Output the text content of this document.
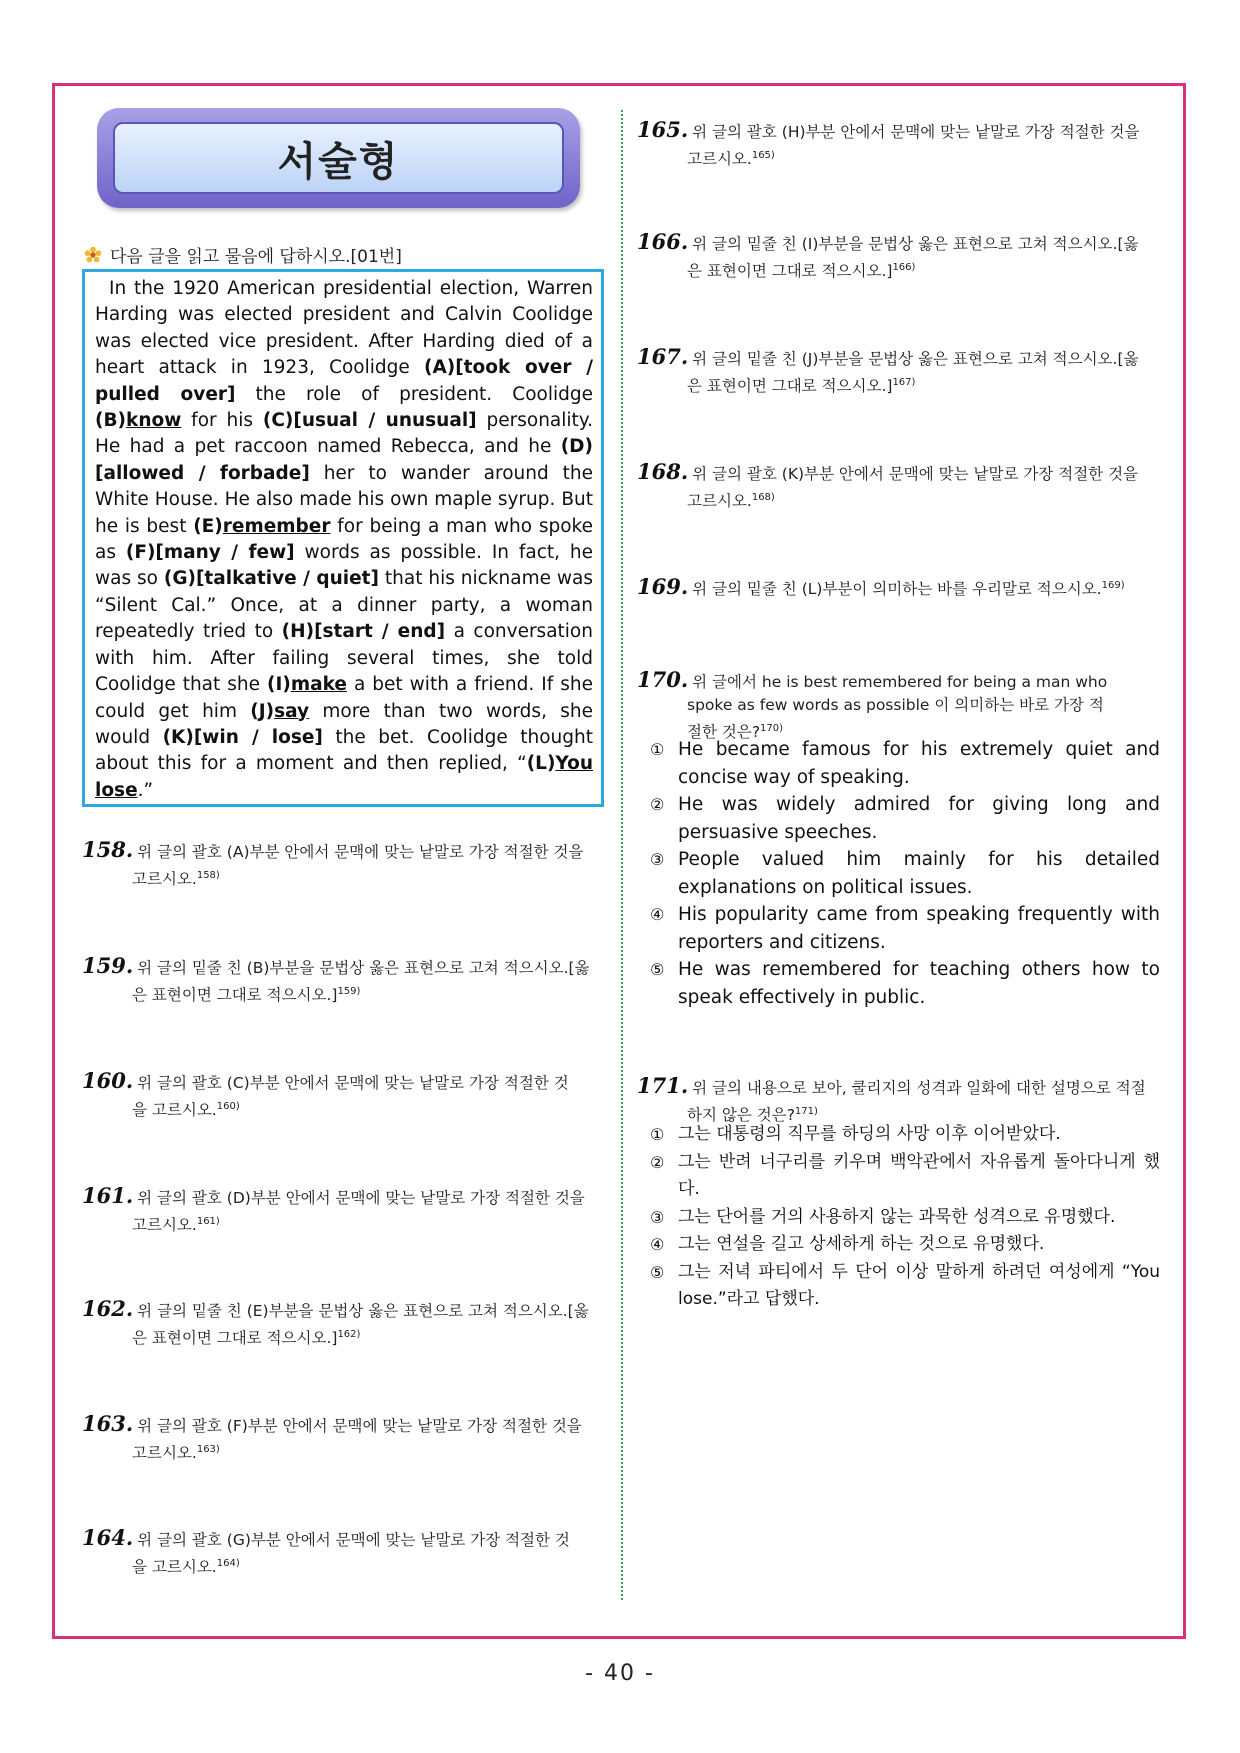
서술형
다음 글을 읽고 물음에 답하시오.[01번]

In the 1920 American presidential election, Warren Harding was elected president and Calvin Coolidge was elected vice president. After Harding died of a heart attack in 1923, Coolidge (A)[took over / pulled over] the role of president. Coolidge (B)know for his (C)[usual / unusual] personality. He had a pet raccoon named Rebecca, and he (D)[allowed / forbade] her to wander around the White House. He also made his own maple syrup. But he is best (E)remember for being a man who spoke as (F)[many / few] words as possible. In fact, he was so (G)[talkative / quiet] that his nickname was “Silent Cal.” Once, at a dinner party, a woman repeatedly tried to (H)[start / end] a conversation with him. After failing several times, she told Coolidge that she (I)make a bet with a friend. If she could get him (J)say more than two words, she would (K)[win / lose] the bet. Coolidge thought about this for a moment and then replied, “(L)You lose.”

158. 위 글의 괄호 (A)부분 안에서 문맥에 맞는 낱말로 가장 적절한 것을
고르시오.$^{158)}$
159. 위 글의 밑줄 친 (B)부분을 문법상 옳은 표현으로 고쳐 적으시오.[옳
은 표현이면 그대로 적으시오.]$^{159)}$
160. 위 글의 괄호 (C)부분 안에서 문맥에 맞는 낱말로 가장 적절한 것
을 고르시오.$^{160)}$
161. 위 글의 괄호 (D)부분 안에서 문맥에 맞는 낱말로 가장 적절한 것을
고르시오.$^{161)}$
162. 위 글의 밑줄 친 (E)부분을 문법상 옳은 표현으로 고쳐 적으시오.[옳
은 표현이면 그대로 적으시오.]$^{162)}$
163. 위 글의 괄호 (F)부분 안에서 문맥에 맞는 낱말로 가장 적절한 것을
고르시오.$^{163)}$
164. 위 글의 괄호 (G)부분 안에서 문맥에 맞는 낱말로 가장 적절한 것
을 고르시오.$^{164)}$
165. 위 글의 괄호 (H)부분 안에서 문맥에 맞는 낱말로 가장 적절한 것을
고르시오.$^{165)}$
166. 위 글의 밑줄 친 (I)부분을 문법상 옳은 표현으로 고쳐 적으시오.[옳
은 표현이면 그대로 적으시오.]$^{166)}$
167. 위 글의 밑줄 친 (J)부분을 문법상 옳은 표현으로 고쳐 적으시오.[옳
은 표현이면 그대로 적으시오.]$^{167)}$
168. 위 글의 괄호 (K)부분 안에서 문맥에 맞는 낱말로 가장 적절한 것을
고르시오.$^{168)}$
169. 위 글의 밑줄 친 (L)부분이 의미하는 바를 우리말로 적으시오.$^{169)}$
170. 위 글에서 he is best remembered for being a man who
spoke as few words as possible 이 의미하는 바로 가장 적
절한 것은?$^{170)}$
① He became famous for his extremely quiet and concise way of speaking.
② He was widely admired for giving long and persuasive speeches.
③ People valued him mainly for his detailed explanations on political issues.
④ His popularity came from speaking frequently with reporters and citizens.
⑤ He was remembered for teaching others how to speak effectively in public.
171. 위 글의 내용으로 보아, 쿨리지의 성격과 일화에 대한 설명으로 적절
하지 않은 것은?$^{171)}$
① 그는 대통령의 직무를 하딩의 사망 이후 이어받았다.
② 그는 반려 너구리를 키우며 백악관에서 자유롭게 돌아다니게 했다.
③ 그는 단어를 거의 사용하지 않는 과묵한 성격으로 유명했다.
④ 그는 연설을 길고 상세하게 하는 것으로 유명했다.
⑤ 그는 저녁 파티에서 두 단어 이상 말하게 하려던 여성에게 “You lose.”라고 답했다.
- 40 -
